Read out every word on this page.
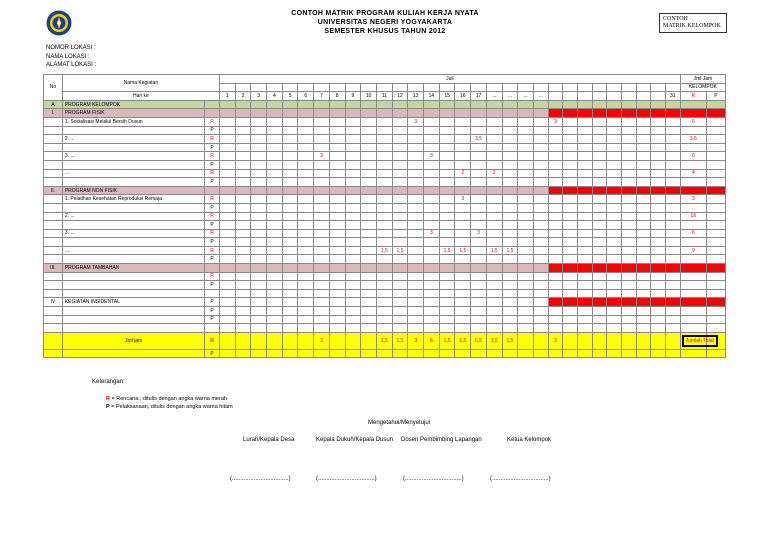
CONTOH MATRIK PROGRAM KULIAH KERJA NYATA
UNIVERSITAS NEGERI YOGYAKARTA
SEMESTER KHUSUS TAHUN 2012
CONTOH
MATRIK KELOMPOK
NOMOR LOKASI :
NAMA LOKASI :
ALAMAT LOKASI :
No	Nama Kegiatan		Juli																														Jml Jam	
																																	KELOMPOK	
	Hari ke		1	2	3	4	5	6	7	8	9	10	11	12	13	14	15	16	17	...	...	...	...									31	R	P
A	PROGRAM KELOMPOK																																	
I.	PROGRAM FISIK																																	
	1. Sosialisasi Melalui Bersih Dusun	R													3									3									6	
		P																																
	2. ...	R																	3,5														3,5	
		P																																
	3. ...	R							3							3																	6	
		P																																
	...	R																2		2													4	
		P																																
II.	PROGRAM NON FISIK																																	
	1. Pelatihan Kesehatan Reproduksi Remaja	R																3															3	
		P																																
	2. ...	R																															16	
		P																																
	3. ...	R														3			3														6	
		P																																
	....	R											1,5	1,5			1,5	1,5		1,5	1,5												9	
		P																																
III.	PROGRAM TAMBAHAN																																	
		R																																
		P																																

IV	KEGIATAN INSIDENTAL	P																																
		P																																
		P																																

	Jml jam	R							3				1,5	1,5	3	6	1,5	6,5	6,5	3,5	1,5			3									Jumlah Total	
		P																																
Keterangan:
R = Rencana , ditulis dengan angka warna merah
P = Pelaksanaan, ditulis dengan angka warna hitam
Mengetahui/Menyetujui
Lurah/Kepala Desa	Kepala Dukuh/Kepala Dusun Dosen Pembimbing Lapangan	Ketua Kelompok
(..................................)	(..................................)	(..................................)	(..................................)
